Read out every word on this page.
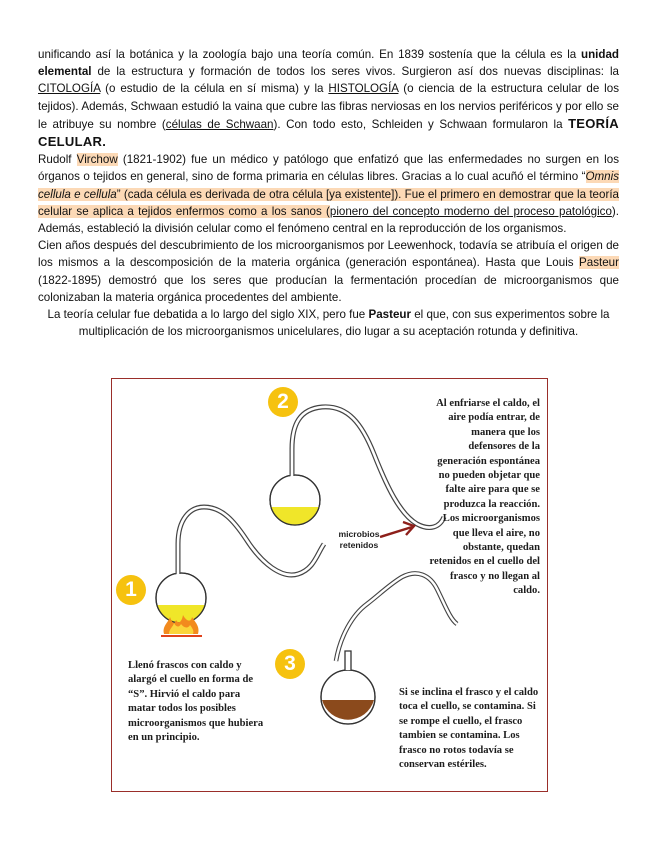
unificando así la botánica y la zoología bajo una teoría común. En 1839 sostenía que la célula es la unidad elemental de la estructura y formación de todos los seres vivos. Surgieron así dos nuevas disciplinas: la CITOLOGÍA (o estudio de la célula en sí misma) y la HISTOLOGÍA (o ciencia de la estructura celular de los tejidos). Además, Schwaan estudió la vaina que cubre las fibras nerviosas en los nervios periféricos y por ello se le atribuye su nombre (células de Schwaan). Con todo esto, Schleiden y Schwaan formularon la TEORÍA CELULAR.

Rudolf Virchow (1821-1902) fue un médico y patólogo que enfatizó que las enfermedades no surgen en los órganos o tejidos en general, sino de forma primaria en células libres. Gracias a lo cual acuñó el término “Omnis cellula e cellula” (cada célula es derivada de otra célula [ya existente]). Fue el primero en demostrar que la teoría celular se aplica a tejidos enfermos como a los sanos (pionero del concepto moderno del proceso patológico). Además, estableció la división celular como el fenómeno central en la reproducción de los organismos.

Cien años después del descubrimiento de los microorganismos por Leewenhock, todavía se atribuía el origen de los mismos a la descomposición de la materia orgánica (generación espontánea). Hasta que Louis Pasteur (1822-1895) demostró que los seres que producían la fermentación procedían de microorganismos que colonizaban la materia orgánica procedentes del ambiente.

La teoría celular fue debatida a lo largo del siglo XIX, pero fue Pasteur el que, con sus experimentos sobre la multiplicación de los microorganismos unicelulares, dio lugar a su aceptación rotunda y definitiva.

1
2
3

microbios retenidos

Llenó frascos con caldo y alargó el cuello en forma de “S”. Hirvió el caldo para matar todos los posibles microorganismos que hubiera en un principio.

Al enfriarse el caldo, el aire podía entrar, de manera que los defensores de la generación espontánea no pueden objetar que falte aire para que se produzca la reacción. Los microorganismos que lleva el aire, no obstante, quedan retenidos en el cuello del frasco y no llegan al caldo.

Si se inclina el frasco y el caldo toca el cuello, se contamina. Si se rompe el cuello, el frasco tambien se contamina. Los frasco no rotos todavía se conservan estériles.
